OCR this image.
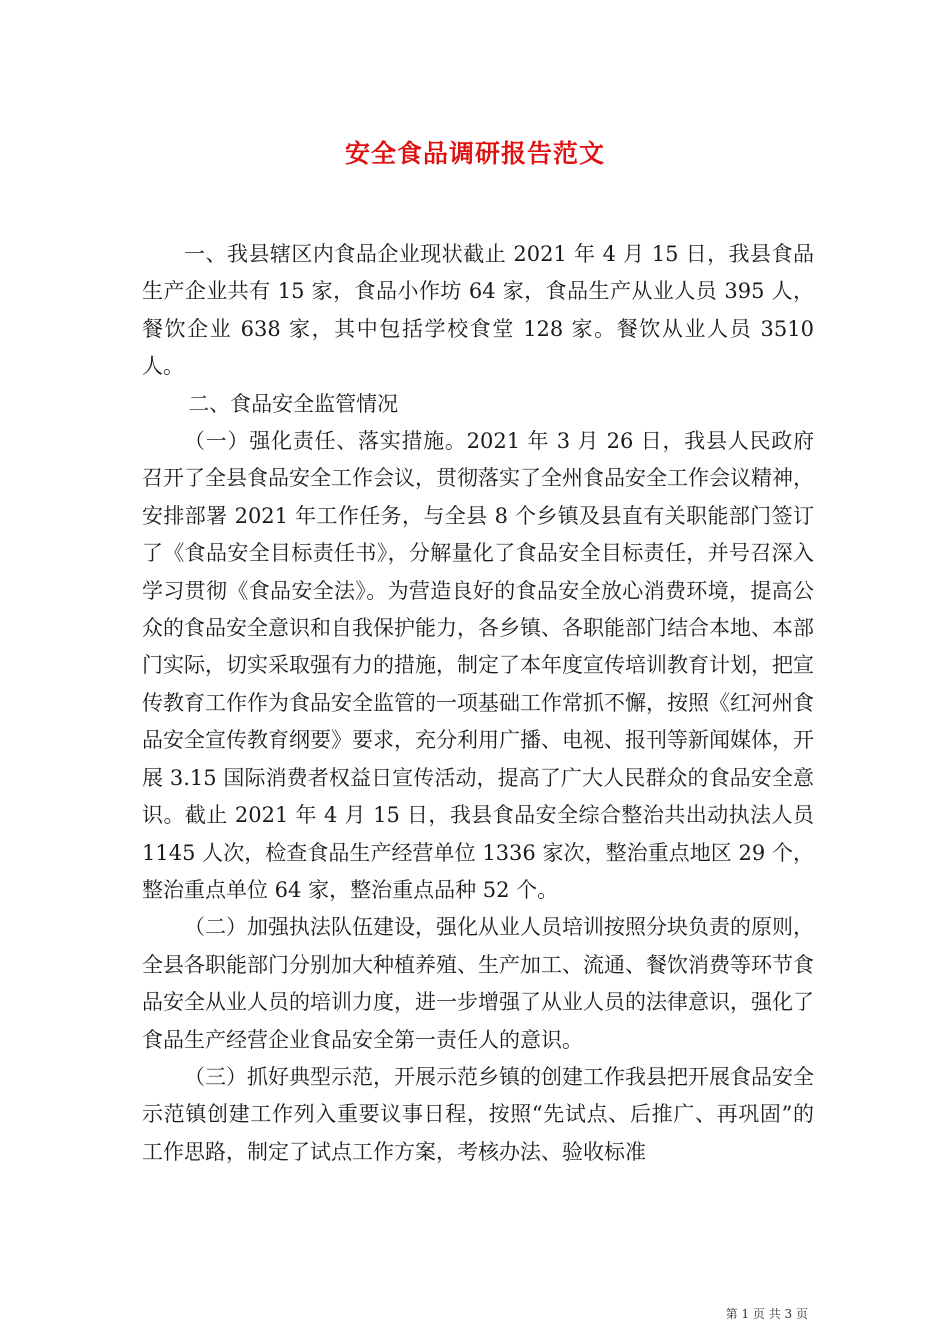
安全食品调研报告范文

一、我县辖区内食品企业现状截止 2021 年 4 月 15 日，我县食品生产企业共有 15 家，食品小作坊 64 家，食品生产从业人员 395 人，餐饮企业 638 家，其中包括学校食堂 128 家。餐饮从业人员 3510 人。

二、食品安全监管情况

（一）强化责任、落实措施。2021 年 3 月 26 日，我县人民政府召开了全县食品安全工作会议，贯彻落实了全州食品安全工作会议精神，安排部署 2021 年工作任务，与全县 8 个乡镇及县直有关职能部门签订了《食品安全目标责任书》，分解量化了食品安全目标责任，并号召深入学习贯彻《食品安全法》。为营造良好的食品安全放心消费环境，提高公众的食品安全意识和自我保护能力，各乡镇、各职能部门结合本地、本部门实际，切实采取强有力的措施，制定了本年度宣传培训教育计划，把宣传教育工作作为食品安全监管的一项基础工作常抓不懈，按照《红河州食品安全宣传教育纲要》要求，充分利用广播、电视、报刊等新闻媒体，开展 3.15 国际消费者权益日宣传活动，提高了广大人民群众的食品安全意识。截止 2021 年 4 月 15 日，我县食品安全综合整治共出动执法人员 1145 人次，检查食品生产经营单位 1336 家次，整治重点地区 29 个，整治重点单位 64 家，整治重点品种 52 个。

（二）加强执法队伍建设，强化从业人员培训按照分块负责的原则，全县各职能部门分别加大种植养殖、生产加工、流通、餐饮消费等环节食品安全从业人员的培训力度，进一步增强了从业人员的法律意识，强化了食品生产经营企业食品安全第一责任人的意识。

（三）抓好典型示范，开展示范乡镇的创建工作我县把开展食品安全示范镇创建工作列入重要议事日程，按照“先试点、后推广、再巩固”的工作思路，制定了试点工作方案，考核办法、验收标准

第 1 页 共 3 页
